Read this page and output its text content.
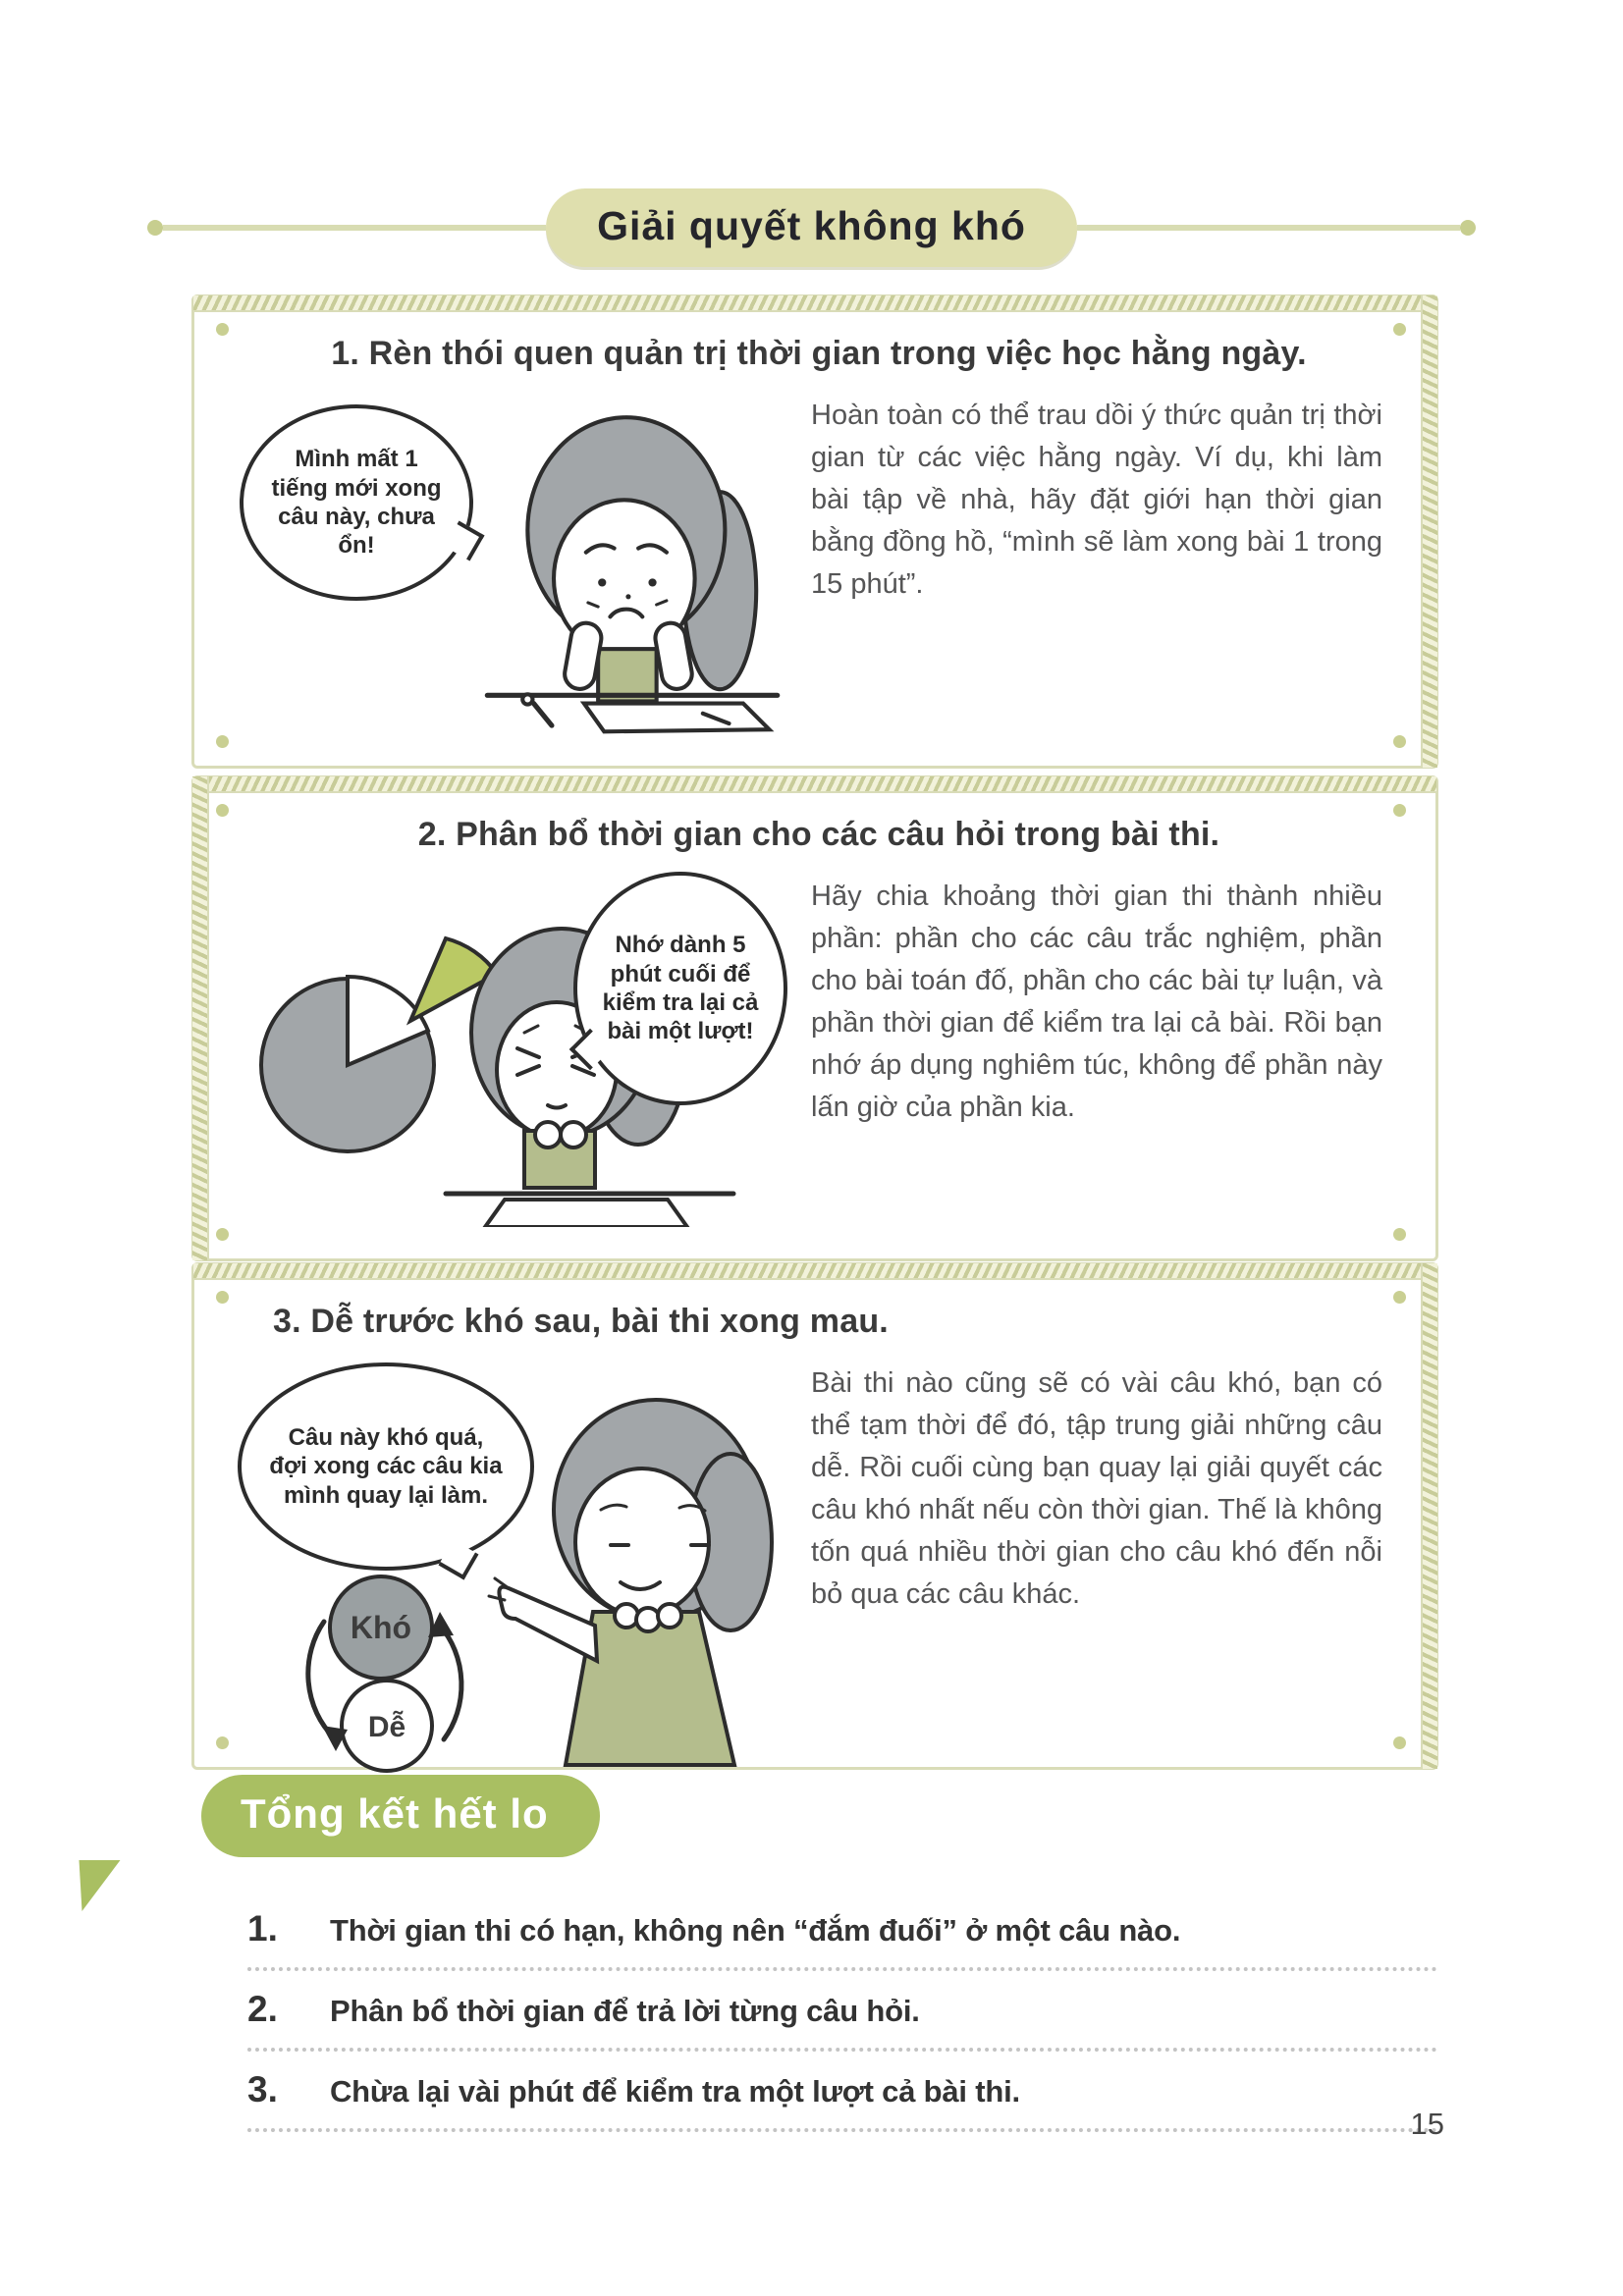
Giải quyết không khó
1. Rèn thói quen quản trị thời gian trong việc học hằng ngày.
Mình mất 1 tiếng mới xong câu này, chưa ổn!
Hoàn toàn có thể trau dồi ý thức quản trị thời gian từ các việc hằng ngày. Ví dụ, khi làm bài tập về nhà, hãy đặt giới hạn thời gian bằng đồng hồ, “mình sẽ làm xong bài 1 trong 15 phút”.
2. Phân bổ thời gian cho các câu hỏi trong bài thi.
Nhớ dành 5 phút cuối để kiểm tra lại cả bài một lượt!
Hãy chia khoảng thời gian thi thành nhiều phần: phần cho các câu trắc nghiệm, phần cho bài toán đố, phần cho các bài tự luận, và phần thời gian để kiểm tra lại cả bài. Rồi bạn nhớ áp dụng nghiêm túc, không để phần này lấn giờ của phần kia.
3. Dễ trước khó sau, bài thi xong mau.
Câu này khó quá, đợi xong các câu kia mình quay lại làm.
Khó
Dễ
Bài thi nào cũng sẽ có vài câu khó, bạn có thể tạm thời để đó, tập trung giải những câu dễ. Rồi cuối cùng bạn quay lại giải quyết các câu khó nhất nếu còn thời gian. Thế là không tốn quá nhiều thời gian cho câu khó đến nỗi bỏ qua các câu khác.
Tổng kết hết lo
1.	Thời gian thi có hạn, không nên “đắm đuối” ở một câu nào.
2.	Phân bổ thời gian để trả lời từng câu hỏi.
3.	Chừa lại vài phút để kiểm tra một lượt cả bài thi.
15
